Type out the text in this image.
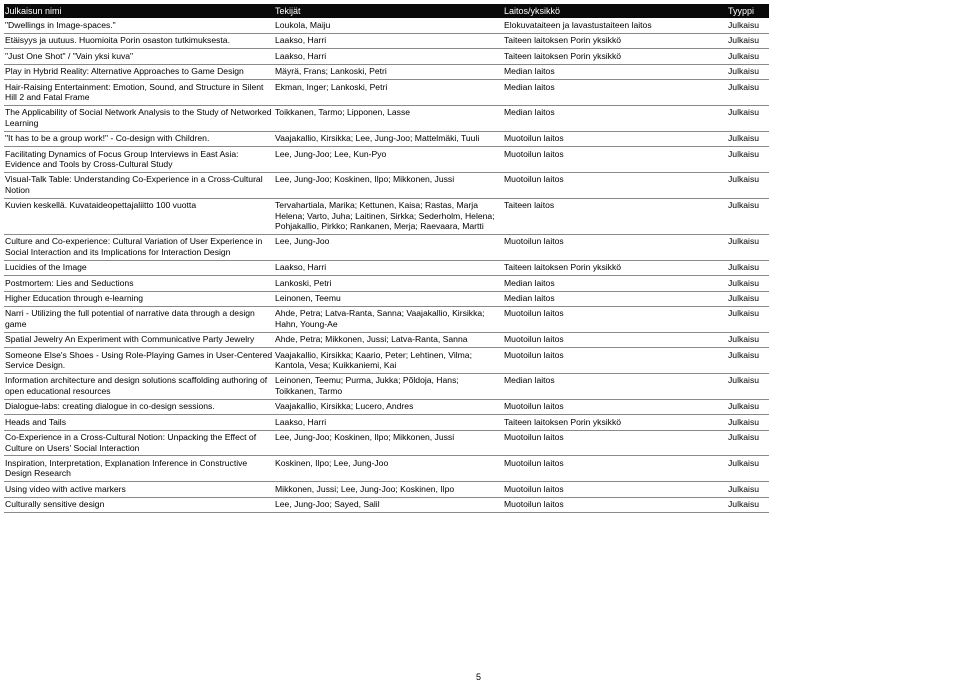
Julkaisun nimi	Tekijät	Laitos/yksikkö	Tyyppi
"Dwellings in Image-spaces."	Loukola, Maiju	Elokuvataiteen ja lavastustaiteen laitos	Julkaisu
Etäisyys ja uutuus. Huomioita Porin osaston tutkimuksesta.	Laakso, Harri	Taiteen laitoksen Porin yksikkö	Julkaisu
"Just One Shot" / "Vain yksi kuva"	Laakso, Harri	Taiteen laitoksen Porin yksikkö	Julkaisu
Play in Hybrid Reality: Alternative Approaches to Game Design	Mäyrä, Frans; Lankoski, Petri	Median laitos	Julkaisu
Hair-Raising Entertainment: Emotion, Sound, and Structure in Silent Hill 2 and Fatal Frame	Ekman, Inger; Lankoski, Petri	Median laitos	Julkaisu
The Applicability of Social Network Analysis to the Study of Networked Learning	Toikkanen, Tarmo; Lipponen, Lasse	Median laitos	Julkaisu
"It has to be a group work!" - Co-design with Children.	Vaajakallio, Kirsikka; Lee, Jung-Joo; Mattelmäki, Tuuli	Muotoilun laitos	Julkaisu
Facilitating Dynamics of Focus Group Interviews in East Asia: Evidence and Tools by Cross-Cultural Study	Lee, Jung-Joo; Lee, Kun-Pyo	Muotoilun laitos	Julkaisu
Visual-Talk Table: Understanding Co-Experience in a Cross-Cultural Notion	Lee, Jung-Joo; Koskinen, Ilpo; Mikkonen, Jussi	Muotoilun laitos	Julkaisu
Kuvien keskellä. Kuvataideopettajaliitto 100 vuotta	Tervahartiala, Marika; Kettunen, Kaisa; Rastas, Marja Helena; Varto, Juha; Laitinen, Sirkka; Sederholm, Helena; Pohjakallio, Pirkko; Rankanen, Merja; Raevaara, Martti	Taiteen laitos	Julkaisu
Culture and Co-experience: Cultural Variation of User Experience in Social Interaction and its Implications for Interaction Design	Lee, Jung-Joo	Muotoilun laitos	Julkaisu
Lucidies of the Image	Laakso, Harri	Taiteen laitoksen Porin yksikkö	Julkaisu
Postmortem: Lies and Seductions	Lankoski, Petri	Median laitos	Julkaisu
Higher Education through e-learning	Leinonen, Teemu	Median laitos	Julkaisu
Narri - Utilizing the full potential of narrative data through a design game	Ahde, Petra; Latva-Ranta, Sanna; Vaajakallio, Kirsikka; Hahn, Young-Ae	Muotoilun laitos	Julkaisu
Spatial Jewelry An Experiment with Communicative Party Jewelry	Ahde, Petra; Mikkonen, Jussi; Latva-Ranta, Sanna	Muotoilun laitos	Julkaisu
Someone Else's Shoes - Using Role-Playing Games in User-Centered Service Design.	Vaajakallio, Kirsikka; Kaario, Peter; Lehtinen, Vilma; Kantola, Vesa; Kuikkaniemi, Kai	Muotoilun laitos	Julkaisu
Information architecture and design solutions scaffolding authoring of open educational resources	Leinonen, Teemu; Purma, Jukka; Põldoja, Hans; Toikkanen, Tarmo	Median laitos	Julkaisu
Dialogue-labs: creating dialogue in co-design sessions.	Vaajakallio, Kirsikka; Lucero, Andres	Muotoilun laitos	Julkaisu
Heads and Tails	Laakso, Harri	Taiteen laitoksen Porin yksikkö	Julkaisu
Co-Experience in a Cross-Cultural Notion: Unpacking the Effect of Culture on Users' Social Interaction	Lee, Jung-Joo; Koskinen, Ilpo; Mikkonen, Jussi	Muotoilun laitos	Julkaisu
Inspiration, Interpretation, Explanation Inference in Constructive Design Research	Koskinen, Ilpo; Lee, Jung-Joo	Muotoilun laitos	Julkaisu
Using video with active markers	Mikkonen, Jussi; Lee, Jung-Joo; Koskinen, Ilpo	Muotoilun laitos	Julkaisu
Culturally sensitive design	Lee, Jung-Joo; Sayed, Salil	Muotoilun laitos	Julkaisu
5
